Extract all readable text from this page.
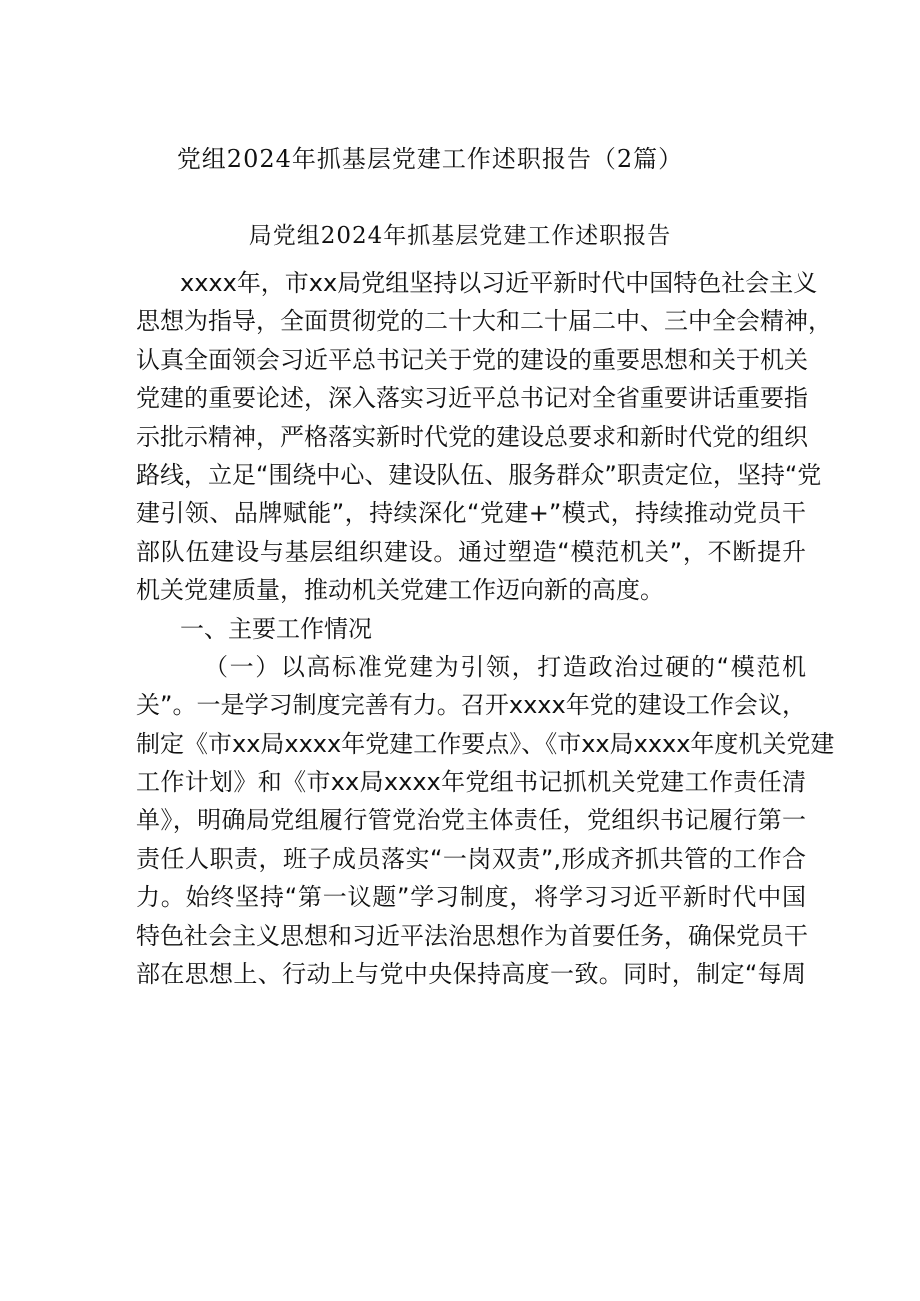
党组2024年抓基层党建工作述职报告（2篇）
局党组2024年抓基层党建工作述职报告
xxxx年，市xx局党组坚持以习近平新时代中国特色社会主义
思想为指导，全面贯彻党的二十大和二十届二中、三中全会精神，
认真全面领会习近平总书记关于党的建设的重要思想和关于机关
党建的重要论述，深入落实习近平总书记对全省重要讲话重要指
示批示精神，严格落实新时代党的建设总要求和新时代党的组织
路线，立足“围绕中心、建设队伍、服务群众”职责定位，坚持“党
建引领、品牌赋能”，持续深化“党建+”模式，持续推动党员干
部队伍建设与基层组织建设。通过塑造“模范机关”，不断提升
机关党建质量，推动机关党建工作迈向新的高度。
一、主要工作情况
（一）以高标准党建为引领，打造政治过硬的“模范机
关”。一是学习制度完善有力。召开xxxx年党的建设工作会议，
制定《市xx局xxxx年党建工作要点》、《市xx局xxxx年度机关党建
工作计划》和《市xx局xxxx年党组书记抓机关党建工作责任清
单》，明确局党组履行管党治党主体责任，党组织书记履行第一
责任人职责，班子成员落实“一岗双责”,形成齐抓共管的工作合
力。始终坚持“第一议题”学习制度，将学习习近平新时代中国
特色社会主义思想和习近平法治思想作为首要任务，确保党员干
部在思想上、行动上与党中央保持高度一致。同时，制定“每周
